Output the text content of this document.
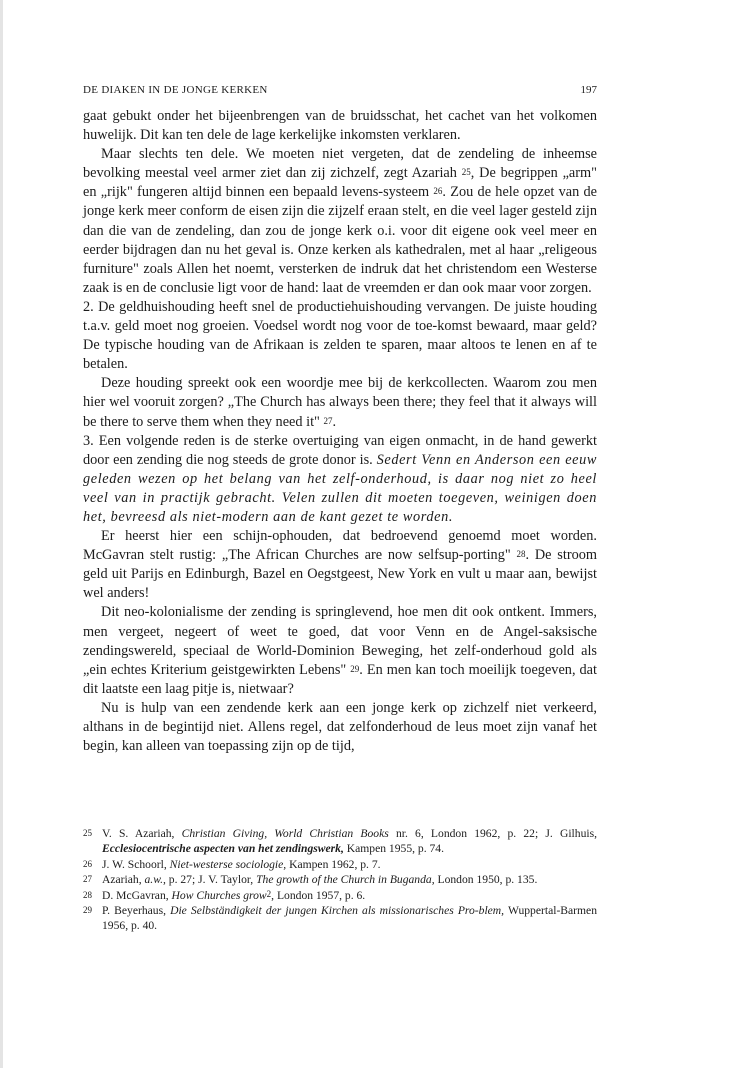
DE DIAKEN IN DE JONGE KERKEN	197

gaat gebukt onder het bijeenbrengen van de bruidsschat, het cachet van het volkomen huwelijk. Dit kan ten dele de lage kerkelijke inkomsten verklaren.

Maar slechts ten dele. We moeten niet vergeten, dat de zendeling de inheemse bevolking meestal veel armer ziet dan zij zichzelf, zegt Azariah $^{25}$, De begrippen „arm" en „rijk" fungeren altijd binnen een bepaald levens-systeem $^{26}$. Zou de hele opzet van de jonge kerk meer conform de eisen zijn die zijzelf eraan stelt, en die veel lager gesteld zijn dan die van de zendeling, dan zou de jonge kerk o.i. voor dit eigene ook veel meer en eerder bijdragen dan nu het geval is. Onze kerken als kathedralen, met al haar „religeous furniture" zoals Allen het noemt, versterken de indruk dat het christendom een Westerse zaak is en de conclusie ligt voor de hand: laat de vreemden er dan ook maar voor zorgen.

2. De geldhuishouding heeft snel de productiehuishouding vervangen. De juiste houding t.a.v. geld moet nog groeien. Voedsel wordt nog voor de toe-komst bewaard, maar geld? De typische houding van de Afrikaan is zelden te sparen, maar altoos te lenen en af te betalen.

Deze houding spreekt ook een woordje mee bij de kerkcollecten. Waarom zou men hier wel vooruit zorgen? „The Church has always been there; they feel that it always will be there to serve them when they need it" $^{27}$.

3. Een volgende reden is de sterke overtuiging van eigen onmacht, in de hand gewerkt door een zending die nog steeds de grote donor is. Sedert Venn en Anderson een eeuw geleden wezen op het belang van het zelf-onderhoud, is daar nog niet zo heel veel van in practijk gebracht. Velen zullen dit moeten toegeven, weinigen doen het, bevreesd als niet-modern aan de kant gezet te worden.

Er heerst hier een schijn-ophouden, dat bedroevend genoemd moet worden. McGavran stelt rustig: „The African Churches are now selfsup-porting" $^{28}$. De stroom geld uit Parijs en Edinburgh, Bazel en Oegstgeest, New York en vult u maar aan, bewijst wel anders!

Dit neo-kolonialisme der zending is springlevend, hoe men dit ook ontkent. Immers, men vergeet, negeert of weet te goed, dat voor Venn en de Angel-saksische zendingswereld, speciaal de World-Dominion Beweging, het zelf-onderhoud gold als „ein echtes Kriterium geistgewirkten Lebens" $^{29}$. En men kan toch moeilijk toegeven, dat dit laatste een laag pitje is, nietwaar?

Nu is hulp van een zendende kerk aan een jonge kerk op zichzelf niet verkeerd, althans in de begintijd niet. Allens regel, dat zelfonderhoud de leus moet zijn vanaf het begin, kan alleen van toepassing zijn op de tijd,

25 V. S. Azariah, Christian Giving, World Christian Books nr. 6, London 1962, p. 22; J. Gilhuis, Ecclesiocentrische aspecten van het zendingswerk, Kampen 1955, p. 74.
26 J. W. Schoorl, Niet-westerse sociologie, Kampen 1962, p. 7.
27 Azariah, a.w., p. 27; J. V. Taylor, The growth of the Church in Buganda, London 1950, p. 135.
28 D. McGavran, How Churches grow$^2$, London 1957, p. 6.
29 P. Beyerhaus, Die Selbständigkeit der jungen Kirchen als missionarisches Pro-blem, Wuppertal-Barmen 1956, p. 40.
